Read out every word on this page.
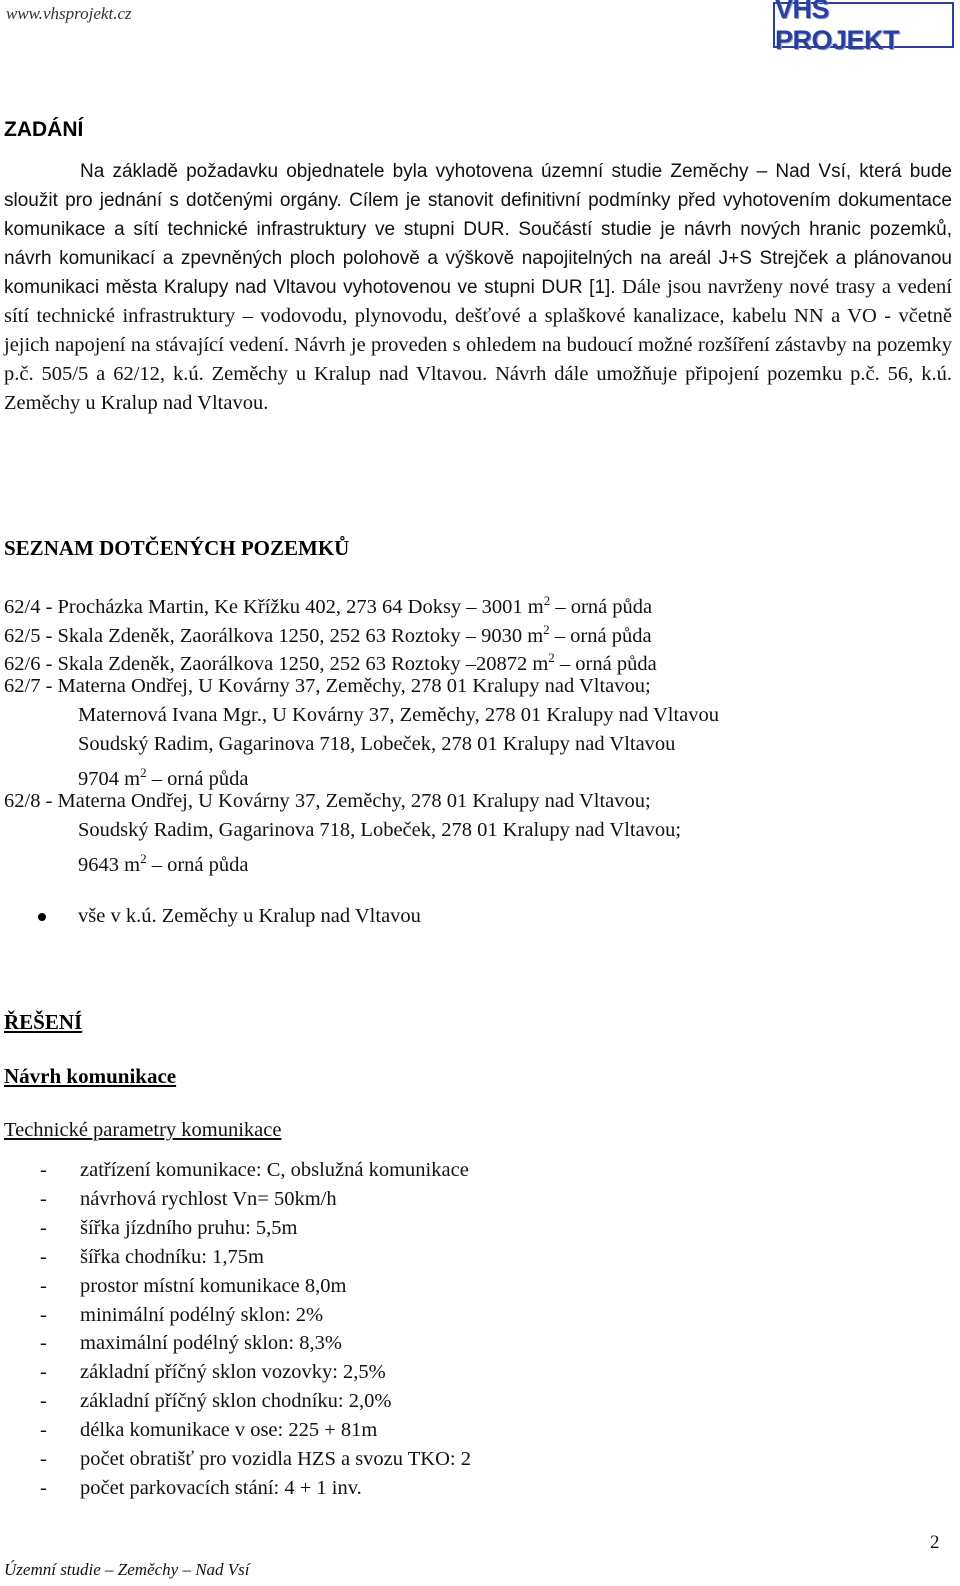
www.vhsprojekt.cz	VHS PROJEKT
ZADÁNÍ
Na základě požadavku objednatele byla vyhotovena územní studie Zeměchy – Nad Vsí, která bude sloužit pro jednání s dotčenými orgány. Cílem je stanovit definitivní podmínky před vyhotovením dokumentace komunikace a sítí technické infrastruktury ve stupni DUR. Součástí studie je návrh nových hranic pozemků, návrh komunikací a zpevněných ploch polohově a výškově napojitelných na areál J+S Strejček a plánovanou komunikaci města Kralupy nad Vltavou vyhotovenou ve stupni DUR [1]. Dále jsou navrženy nové trasy a vedení sítí technické infrastruktury – vodovodu, plynovodu, dešťové a splaškové kanalizace, kabelu NN a VO - včetně jejich napojení na stávající vedení. Návrh je proveden s ohledem na budoucí možné rozšíření zástavby na pozemky p.č. 505/5 a 62/12, k.ú. Zeměchy u Kralup nad Vltavou. Návrh dále umožňuje připojení pozemku p.č. 56, k.ú. Zeměchy u Kralup nad Vltavou.
SEZNAM DOTČENÝCH POZEMKŮ
62/4 - Procházka Martin, Ke Křížku 402, 273 64 Doksy – 3001 $m^2$ – orná půda
62/5 - Skala Zdeněk, Zaorálkova 1250, 252 63 Roztoky – 9030 $m^2$ – orná půda
62/6 - Skala Zdeněk, Zaorálkova 1250, 252 63 Roztoky –20872 $m^2$ – orná půda
62/7 - Materna Ondřej, U Kovárny 37, Zeměchy, 278 01 Kralupy nad Vltavou;
Maternová Ivana Mgr., U Kovárny 37, Zeměchy, 278 01 Kralupy nad Vltavou
Soudský Radim, Gagarinova 718, Lobeček, 278 01 Kralupy nad Vltavou
9704 $m^2$ – orná půda
62/8 - Materna Ondřej, U Kovárny 37, Zeměchy, 278 01 Kralupy nad Vltavou;
Soudský Radim, Gagarinova 718, Lobeček, 278 01 Kralupy nad Vltavou;
9643 $m^2$ – orná půda
vše v k.ú. Zeměchy u Kralup nad Vltavou
ŘEŠENÍ
Návrh komunikace
Technické parametry komunikace
- zatřízení komunikace: C, obslužná komunikace
- návrhová rychlost Vn= 50km/h
- šířka jízdního pruhu: 5,5m
- šířka chodníku: 1,75m
- prostor místní komunikace 8,0m
- minimální podélný sklon: 2%
- maximální podélný sklon: 8,3%
- základní příčný sklon vozovky: 2,5%
- základní příčný sklon chodníku: 2,0%
- délka komunikace v ose: 225 + 81m
- počet obratišť pro vozidla HZS a svozu TKO: 2
- počet parkovacích stání: 4 + 1 inv.
2
Územní studie – Zeměchy – Nad Vsí
